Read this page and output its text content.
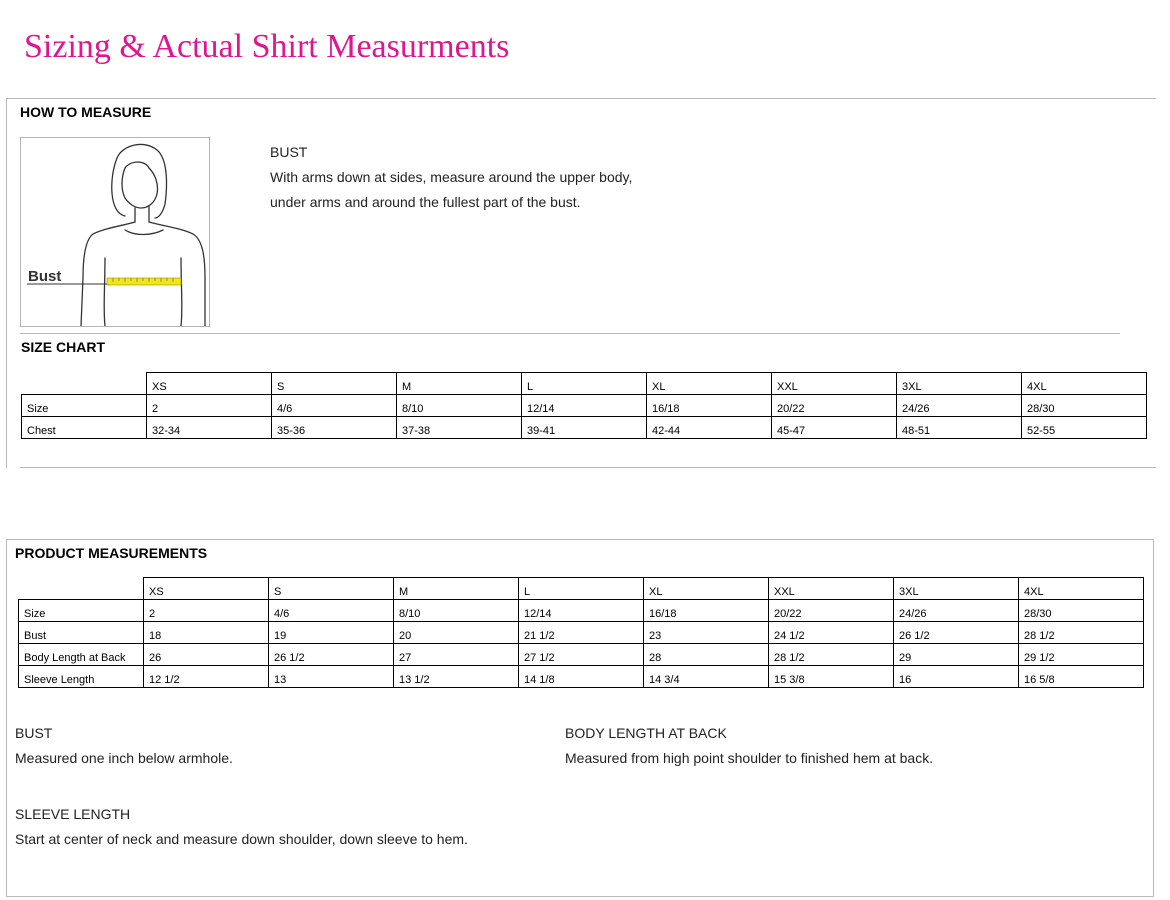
Sizing & Actual Shirt Measurments
HOW TO MEASURE
Bust
BUST
With arms down at sides, measure around the upper body,
under arms and around the fullest part of the bust.
SIZE CHART
	XS	S	M	L	XL	XXL	3XL	4XL
Size	2	4/6	8/10	12/14	16/18	20/22	24/26	28/30
Chest	32-34	35-36	37-38	39-41	42-44	45-47	48-51	52-55
PRODUCT MEASUREMENTS
	XS	S	M	L	XL	XXL	3XL	4XL
Size	2	4/6	8/10	12/14	16/18	20/22	24/26	28/30
Bust	18	19	20	21 1/2	23	24 1/2	26 1/2	28 1/2
Body Length at Back	26	26 1/2	27	27 1/2	28	28 1/2	29	29 1/2
Sleeve Length	12 1/2	13	13 1/2	14 1/8	14 3/4	15 3/8	16	16 5/8
BUST
Measured one inch below armhole.
BODY LENGTH AT BACK
Measured from high point shoulder to finished hem at back.
SLEEVE LENGTH
Start at center of neck and measure down shoulder, down sleeve to hem.
